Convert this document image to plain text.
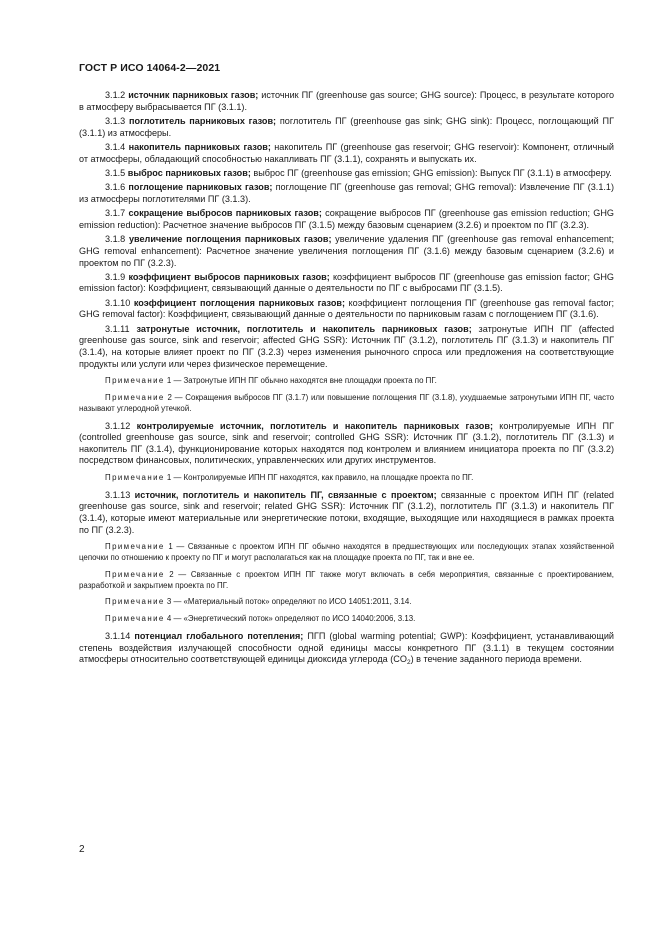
ГОСТ Р ИСО 14064-2—2021

3.1.2 источник парниковых газов; источник ПГ (greenhouse gas source; GHG source): Процесс, в результате которого в атмосферу выбрасывается ПГ (3.1.1).

3.1.3 поглотитель парниковых газов; поглотитель ПГ (greenhouse gas sink; GHG sink): Процесс, поглощающий ПГ (3.1.1) из атмосферы.

3.1.4 накопитель парниковых газов; накопитель ПГ (greenhouse gas reservoir; GHG reservoir): Компонент, отличный от атмосферы, обладающий способностью накапливать ПГ (3.1.1), сохранять и выпускать их.

3.1.5 выброс парниковых газов; выброс ПГ (greenhouse gas emission; GHG emission): Выпуск ПГ (3.1.1) в атмосферу.

3.1.6 поглощение парниковых газов; поглощение ПГ (greenhouse gas removal; GHG removal): Извлечение ПГ (3.1.1) из атмосферы поглотителями ПГ (3.1.3).

3.1.7 сокращение выбросов парниковых газов; сокращение выбросов ПГ (greenhouse gas emission reduction; GHG emission reduction): Расчетное значение выбросов ПГ (3.1.5) между базовым сценарием (3.2.6) и проектом по ПГ (3.2.3).

3.1.8 увеличение поглощения парниковых газов; увеличение удаления ПГ (greenhouse gas removal enhancement; GHG removal enhancement): Расчетное значение увеличения поглощения ПГ (3.1.6) между базовым сценарием (3.2.6) и проектом по ПГ (3.2.3).

3.1.9 коэффициент выбросов парниковых газов; коэффициент выбросов ПГ (greenhouse gas emission factor; GHG emission factor): Коэффициент, связывающий данные о деятельности по ПГ с выбросами ПГ (3.1.5).

3.1.10 коэффициент поглощения парниковых газов; коэффициент поглощения ПГ (greenhouse gas removal factor; GHG removal factor): Коэффициент, связывающий данные о деятельности по парниковым газам с поглощением ПГ (3.1.6).

3.1.11 затронутые источник, поглотитель и накопитель парниковых газов; затронутые ИПН ПГ (affected greenhouse gas source, sink and reservoir; affected GHG SSR): Источник ПГ (3.1.2), поглотитель ПГ (3.1.3) и накопитель ПГ (3.1.4), на которые влияет проект по ПГ (3.2.3) через изменения рыночного спроса или предложения на соответствующие продукты или услуги или через физическое перемещение.

Примечание 1 — Затронутые ИПН ПГ обычно находятся вне площадки проекта по ПГ.

Примечание 2 — Сокращения выбросов ПГ (3.1.7) или повышение поглощения ПГ (3.1.8), ухудшаемые затронутыми ИПН ПГ, часто называют углеродной утечкой.

3.1.12 контролируемые источник, поглотитель и накопитель парниковых газов; контролируемые ИПН ПГ (controlled greenhouse gas source, sink and reservoir; controlled GHG SSR): Источник ПГ (3.1.2), поглотитель ПГ (3.1.3) и накопитель ПГ (3.1.4), функционирование которых находятся под контролем и влиянием инициатора проекта по ПГ (3.3.2) посредством финансовых, политических, управленческих или других инструментов.

Примечание 1 — Контролируемые ИПН ПГ находятся, как правило, на площадке проекта по ПГ.

3.1.13 источник, поглотитель и накопитель ПГ, связанные с проектом; связанные с проектом ИПН ПГ (related greenhouse gas source, sink and reservoir; related GHG SSR): Источник ПГ (3.1.2), поглотитель ПГ (3.1.3) и накопитель ПГ (3.1.4), которые имеют материальные или энергетические потоки, входящие, выходящие или находящиеся в рамках проекта по ПГ (3.2.3).

Примечание 1 — Связанные с проектом ИПН ПГ обычно находятся в предшествующих или последующих этапах хозяйственной цепочки по отношению к проекту по ПГ и могут располагаться как на площадке проекта по ПГ, так и вне ее.

Примечание 2 — Связанные с проектом ИПН ПГ также могут включать в себя мероприятия, связанные с проектированием, разработкой и закрытием проекта по ПГ.

Примечание 3 — «Материальный поток» определяют по ИСО 14051:2011, 3.14.

Примечание 4 — «Энергетический поток» определяют по ИСО 14040:2006, 3.13.

3.1.14 потенциал глобального потепления; ПГП (global warming potential; GWP): Коэффициент, устанавливающий степень воздействия излучающей способности одной единицы массы конкретного ПГ (3.1.1) в текущем состоянии атмосферы относительно соответствующей единицы диоксида углерода $(CO_2)$ в течение заданного периода времени.

2
